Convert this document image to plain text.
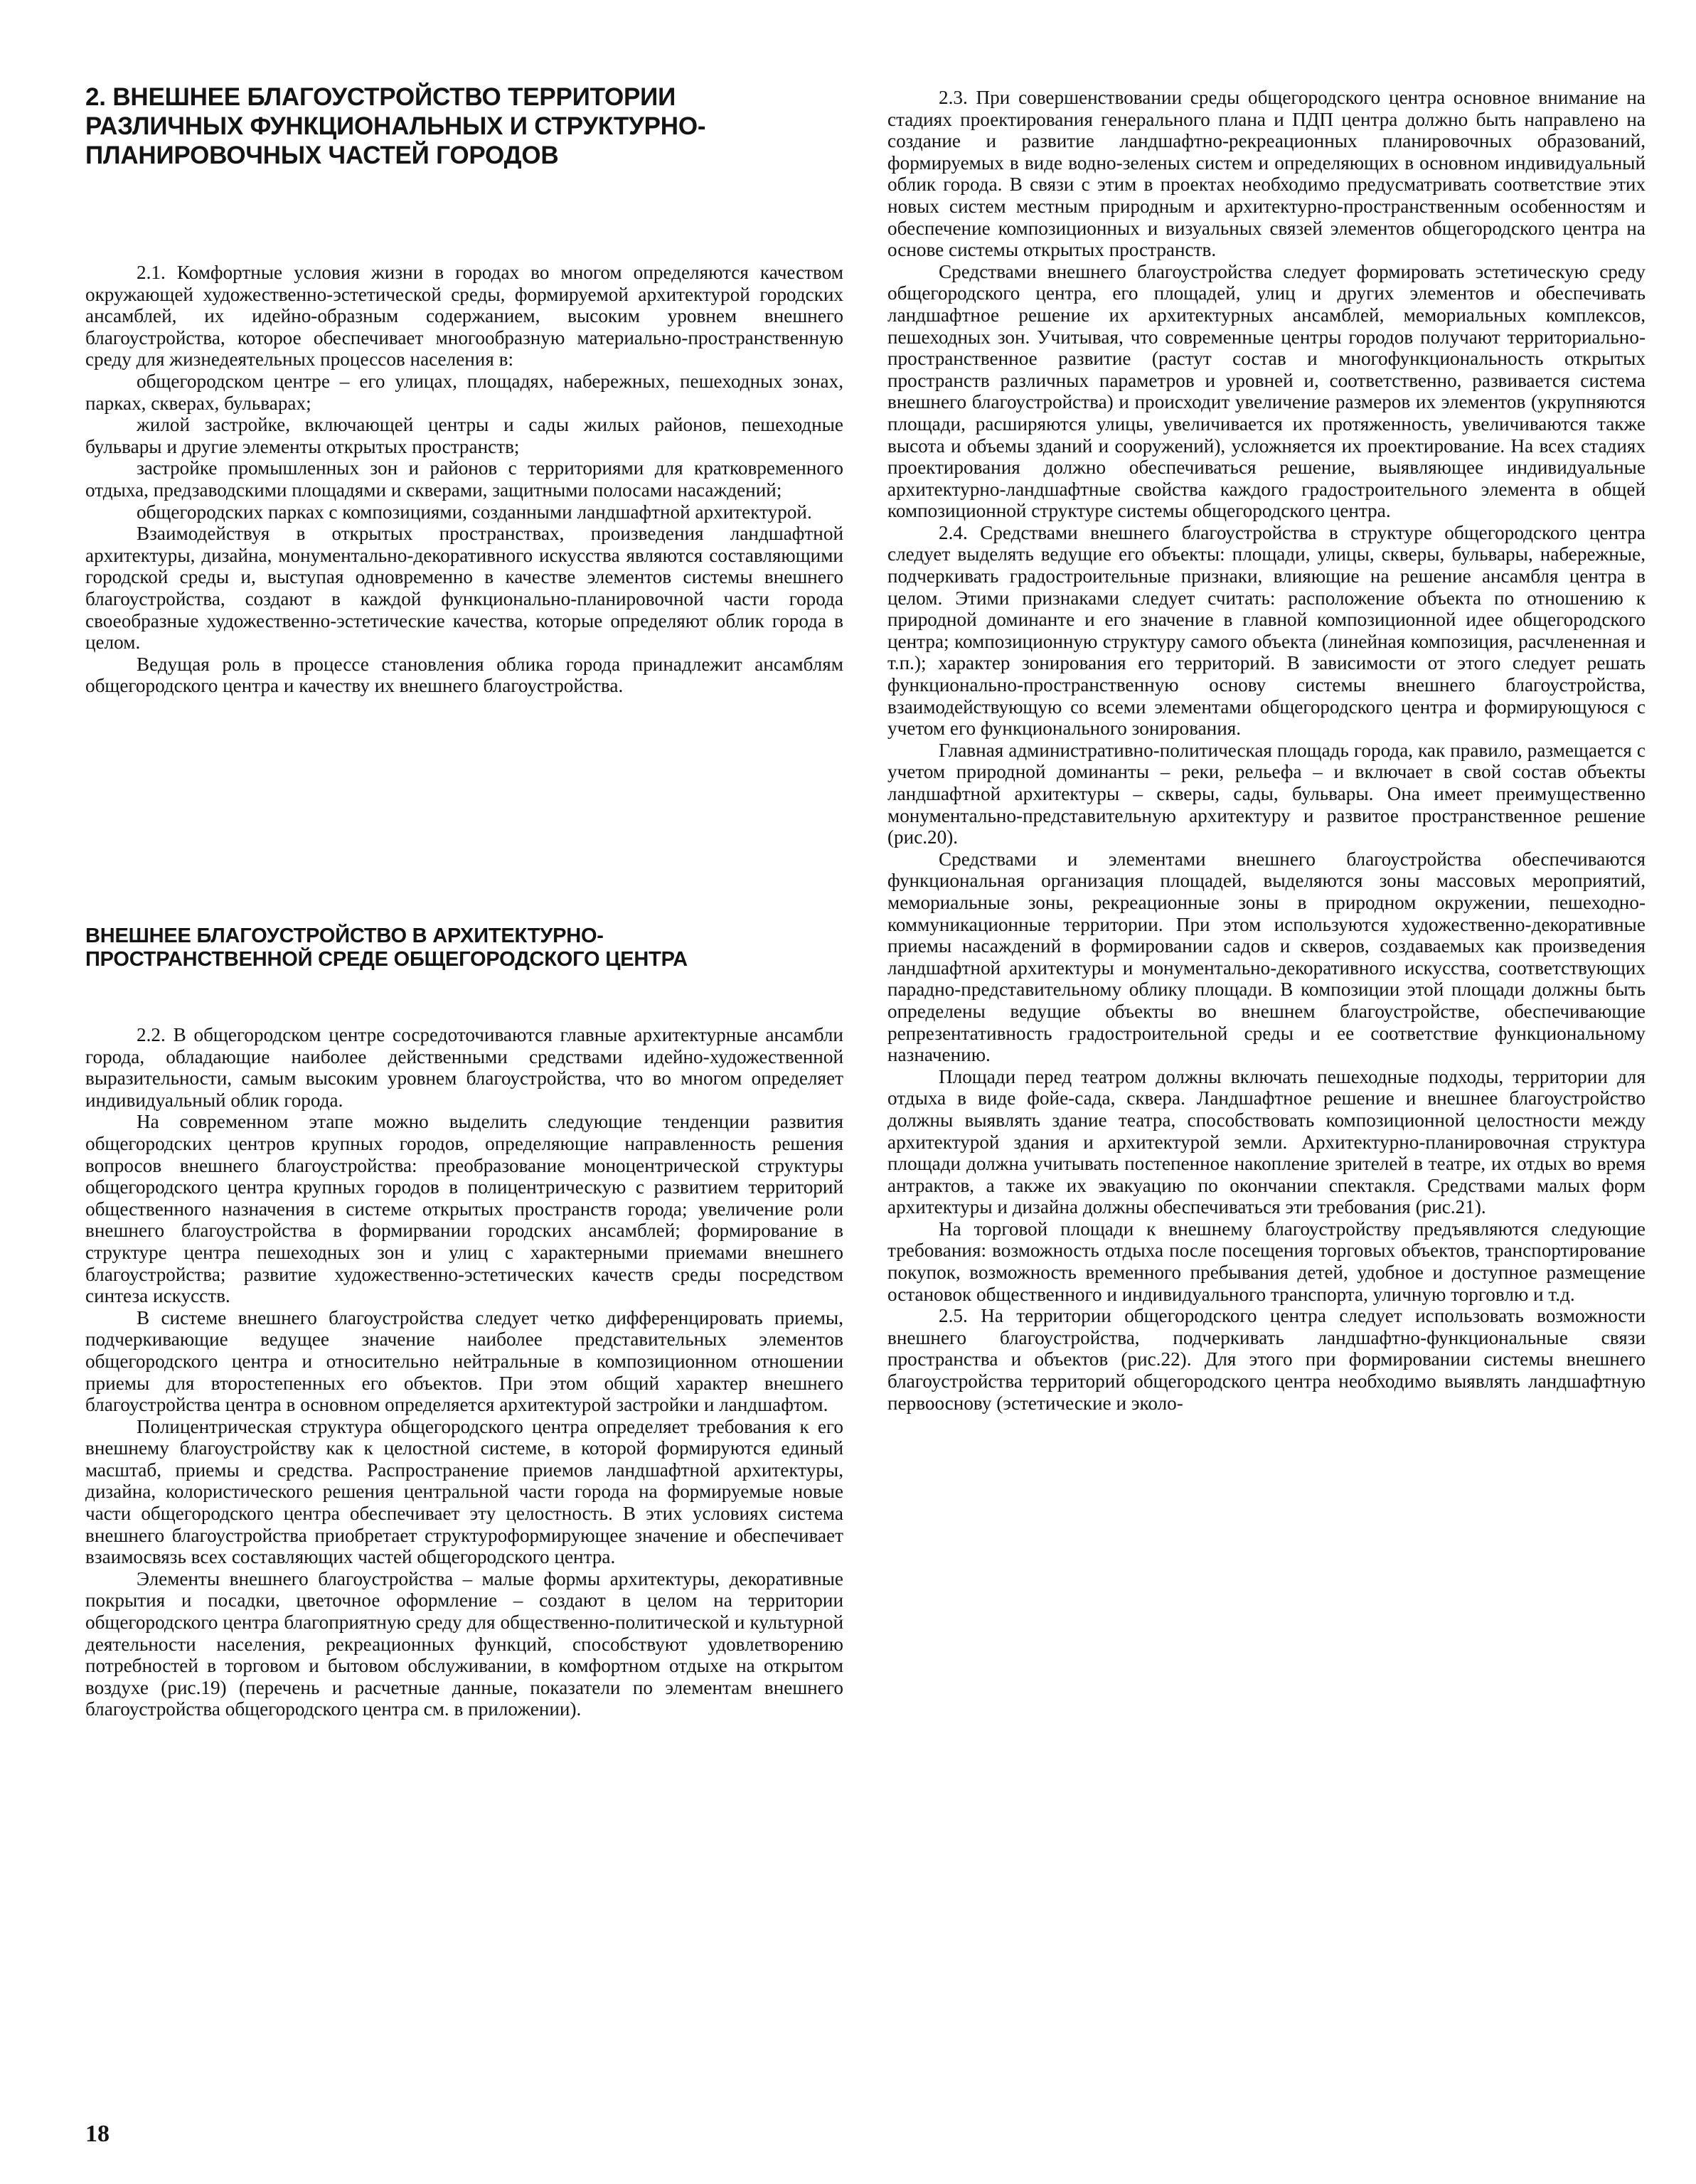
2. ВНЕШНЕЕ БЛАГОУСТРОЙСТВО ТЕРРИТОРИИ РАЗЛИЧНЫХ ФУНКЦИОНАЛЬНЫХ И СТРУКТУРНО-ПЛАНИРОВОЧНЫХ ЧАСТЕЙ ГОРОДОВ

2.1. Комфортные условия жизни в городах во многом определяются качеством окружающей художественно-эстетической среды, формируемой архитектурой городских ансамблей, их идейно-образным содержанием, высоким уровнем внешнего благоустройства, которое обеспечивает многообразную материально-пространственную среду для жизнедеятельных процессов населения в:

общегородском центре – его улицах, площадях, набережных, пешеходных зонах, парках, скверах, бульварах;

жилой застройке, включающей центры и сады жилых районов, пешеходные бульвары и другие элементы открытых пространств;

застройке промышленных зон и районов с территориями для кратковременного отдыха, предзаводскими площадями и скверами, защитными полосами насаждений;

общегородских парках с композициями, созданными ландшафтной архитектурой.

Взаимодействуя в открытых пространствах, произведения ландшафтной архитектуры, дизайна, монументально-декоративного искусства являются составляющими городской среды и, выступая одновременно в качестве элементов системы внешнего благоустройства, создают в каждой функционально-планировочной части города своеобразные художественно-эстетические качества, которые определяют облик города в целом.

Ведущая роль в процессе становления облика города принадлежит ансамблям общегородского центра и качеству их внешнего благоустройства.

ВНЕШНЕЕ БЛАГОУСТРОЙСТВО В АРХИТЕКТУРНО-ПРОСТРАНСТВЕННОЙ СРЕДЕ ОБЩЕГОРОДСКОГО ЦЕНТРА

2.2. В общегородском центре сосредоточиваются главные архитектурные ансамбли города, обладающие наиболее действенными средствами идейно-художественной выразительности, самым высоким уровнем благоустройства, что во многом определяет индивидуальный облик города.

На современном этапе можно выделить следующие тенденции развития общегородских центров крупных городов, определяющие направленность решения вопросов внешнего благоустройства: преобразование моноцентрической структуры общегородского центра крупных городов в полицентрическую с развитием территорий общественного назначения в системе открытых пространств города; увеличение роли внешнего благоустройства в формирвании городских ансамблей; формирование в структуре центра пешеходных зон и улиц с характерными приемами внешнего благоустройства; развитие художественно-эстетических качеств среды посредством синтеза искусств.

В системе внешнего благоустройства следует четко дифференцировать приемы, подчеркивающие ведущее значение наиболее представительных элементов общегородского центра и относительно нейтральные в композиционном отношении приемы для второстепенных его объектов. При этом общий характер внешнего благоустройства центра в основном определяется архитектурой застройки и ландшафтом.

Полицентрическая структура общегородского центра определяет требования к его внешнему благоустройству как к целостной системе, в которой формируются единый масштаб, приемы и средства. Распространение приемов ландшафтной архитектуры, дизайна, колористического решения центральной части города на формируемые новые части общегородского центра обеспечивает эту целостность. В этих условиях система внешнего благоустройства приобретает структуроформирующее значение и обеспечивает взаимосвязь всех составляющих частей общегородского центра.

Элементы внешнего благоустройства – малые формы архитектуры, декоративные покрытия и посадки, цветочное оформление – создают в целом на территории общегородского центра благоприятную среду для общественно-политической и культурной деятельности населения, рекреационных функций, способствуют удовлетворению потребностей в торговом и бытовом обслуживании, в комфортном отдыхе на открытом воздухе (рис.19) (перечень и расчетные данные, показатели по элементам внешнего благоустройства общегородского центра см. в приложении).

2.3. При совершенствовании среды общегородского центра основное внимание на стадиях проектирования генерального плана и ПДП центра должно быть направлено на создание и развитие ландшафтно-рекреационных планировочных образований, формируемых в виде водно-зеленых систем и определяющих в основном индивидуальный облик города. В связи с этим в проектах необходимо предусматривать соответствие этих новых систем местным природным и архитектурно-пространственным особенностям и обеспечение композиционных и визуальных связей элементов общегородского центра на основе системы открытых пространств.

Средствами внешнего благоустройства следует формировать эстетическую среду общегородского центра, его площадей, улиц и других элементов и обеспечивать ландшафтное решение их архитектурных ансамблей, мемориальных комплексов, пешеходных зон. Учитывая, что современные центры городов получают территориально-пространственное развитие (растут состав и многофункциональность открытых пространств различных параметров и уровней и, соответственно, развивается система внешнего благоустройства) и происходит увеличение размеров их элементов (укрупняются площади, расширяются улицы, увеличивается их протяженность, увеличиваются также высота и объемы зданий и сооружений), усложняется их проектирование. На всех стадиях проектирования должно обеспечиваться решение, выявляющее индивидуальные архитектурно-ландшафтные свойства каждого градостроительного элемента в общей композиционной структуре системы общегородского центра.

2.4. Средствами внешнего благоустройства в структуре общегородского центра следует выделять ведущие его объекты: площади, улицы, скверы, бульвары, набережные, подчеркивать градостроительные признаки, влияющие на решение ансамбля центра в целом. Этими признаками следует считать: расположение объекта по отношению к природной доминанте и его значение в главной композиционной идее общегородского центра; композиционную структуру самого объекта (линейная композиция, расчлененная и т.п.); характер зонирования его территорий. В зависимости от этого следует решать функционально-пространственную основу системы внешнего благоустройства, взаимодействующую со всеми элементами общегородского центра и формирующуюся с учетом его функционального зонирования.

Главная административно-политическая площадь города, как правило, размещается с учетом природной доминанты – реки, рельефа – и включает в свой состав объекты ландшафтной архитектуры – скверы, сады, бульвары. Она имеет преимущественно монументально-представительную архитектуру и развитое пространственное решение (рис.20).

Средствами и элементами внешнего благоустройства обеспечиваются функциональная организация площадей, выделяются зоны массовых мероприятий, мемориальные зоны, рекреационные зоны в природном окружении, пешеходно-коммуникационные территории. При этом используются художественно-декоративные приемы насаждений в формировании садов и скверов, создаваемых как произведения ландшафтной архитектуры и монументально-декоративного искусства, соответствующих парадно-представительному облику площади. В композиции этой площади должны быть определены ведущие объекты во внешнем благоустройстве, обеспечивающие репрезентативность градостроительной среды и ее соответствие функциональному назначению.

Площади перед театром должны включать пешеходные подходы, территории для отдыха в виде фойе-сада, сквера. Ландшафтное решение и внешнее благоустройство должны выявлять здание театра, способствовать композиционной целостности между архитектурой здания и архитектурой земли. Архитектурно-планировочная структура площади должна учитывать постепенное накопление зрителей в театре, их отдых во время антрактов, а также их эвакуацию по окончании спектакля. Средствами малых форм архитектуры и дизайна должны обеспечиваться эти требования (рис.21).

На торговой площади к внешнему благоустройству предъявляются следующие требования: возможность отдыха после посещения торговых объектов, транспортирование покупок, возможность временного пребывания детей, удобное и доступное размещение остановок общественного и индивидуального транспорта, уличную торговлю и т.д.

2.5. На территории общегородского центра следует использовать возможности внешнего благоустройства, подчеркивать ландшафтно-функциональные связи пространства и объектов (рис.22). Для этого при формировании системы внешнего благоустройства территорий общегородского центра необходимо выявлять ландшафтную первооснову (эстетические и эколо-

18
